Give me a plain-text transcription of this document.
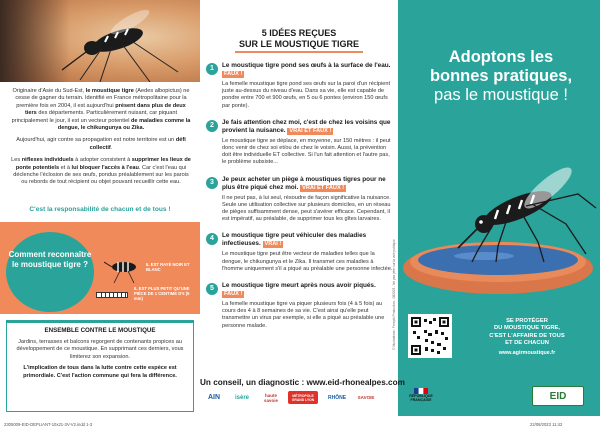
Originaire d'Asie du Sud-Est, le moustique tigre (Aedes albopictus) ne cesse de gagner du terrain. Identifié en France métropolitaine pour la première fois en 2004, il est aujourd'hui présent dans plus de deux tiers des départements. Particulièrement nuisant, car piquant principalement le jour, il est un vecteur potentiel de maladies comme la dengue, le chikungunya ou Zika.

Aujourd'hui, agir contre sa propagation est notre territoire est un défi collectif.

Les réflexes individuels à adopter consistent à supprimer les lieux de ponte potentiels et à lui bloquer l'accès à l'eau. Car c'est l'eau qui déclenche l'éclosion de ses œufs, pondus préalablement sur les parois ou rebords de tout récipient ou objet pouvant recueillir cette eau.

C'est la responsabilité de chacun et de tous !
Comment reconnaître le moustique tigre ?	IL EST RAYÉ NOIR ET BLANC
IL EST PLUS PETIT QU'UNE PIÈCE DE 1 CENTIME D'€ (5 mm)
ENSEMBLE CONTRE LE MOUSTIQUE

Jardins, terrasses et balcons regorgent de contenants propices au développement de ce moustique. En supprimant ces derniers, vous limiterez son expansion.

L'implication de tous dans la lutte contre cette espèce est primordiale. C'est l'action commune qui fera la différence.

5 IDÉES REÇUES
SUR LE MOUSTIQUE TIGRE
1	Le moustique tigre pond ses œufs à la surface de l'eau. FAUX !
La femelle moustique tigre pond ses œufs sur la paroi d'un récipient juste au-dessus du niveau d'eau. Dans sa vie, elle est capable de pondre entre 700 et 900 œufs, en 5 ou 6 pontes (environ 150 œufs par ponte).
2	Je fais attention chez moi, c'est de chez les voisins que provient la nuisance. VRAI ET FAUX !
Le moustique tigre se déplace, en moyenne, sur 150 mètres : il peut donc venir de chez soi et/ou de chez le voisin. Aussi, la prévention doit être individuelle ET collective. Si l'un fait attention et l'autre pas, le problème subsiste...
3	Je peux acheter un piège à moustiques tigres pour ne plus être piqué chez moi. VRAI ET FAUX !
Il ne peut pas, à lui seul, résoudre de façon significative la nuisance. Seule une utilisation collective sur plusieurs domiciles, en un réseau de pièges suffisamment dense, peut s'avérer efficace. Cependant, il est impératif, au préalable, de supprimer tous les gîtes larvaires.
4	Le moustique tigre peut véhiculer des maladies infectieuses. VRAI !
Le moustique tigre peut être vecteur de maladies telles que la dengue, le chikungunya et le Zika. Il transmet ces maladies à l'homme uniquement s'il a piqué au préalable une personne infectée.
5	Le moustique tigre meurt après nous avoir piqués. FAUX !
La femelle moustique tigre va piquer plusieurs fois (4 à 5 fois) au cours des 4 à 8 semaines de sa vie. C'est ainsi qu'elle peut transmettre un virus par exemple, si elle a piqué au préalable une personne malade.	© Illustrations : Freepik Production - 082023 - Ne pas jeter sur la voie publique
Adoptons les
bonnes pratiques,
pas le moustique !
SE PROTÉGER
DU MOUSTIQUE TIGRE,
C'EST L'AFFAIRE DE TOUS
ET DE CHACUN
www.agirmoustique.fr
Un conseil, un diagnostic : www.eid-rhonealpes.com
AIN	isère	haute savoie
MÉTROPOLE GRAND LYON	RHÔNE	SAVOIE	RÉPUBLIQUE FRANÇAISE	ars	EID
2305009-EID-DEPLIANT-10x21-3V-V2.indd 1-3	22/08/2023 11:42
